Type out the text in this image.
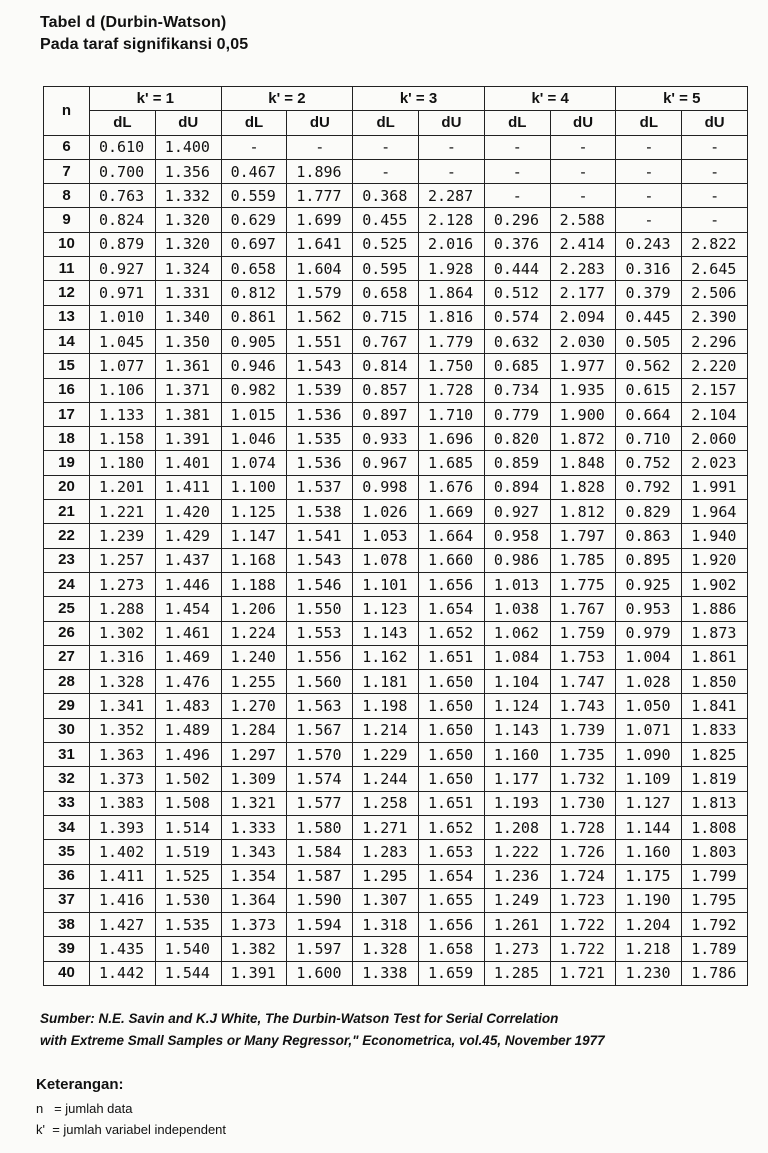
Tabel d (Durbin-Watson)
Pada taraf signifikansi 0,05
n	k' = 1		k' = 2		k' = 3		k' = 4		k' = 5	
	dL	dU	dL	dU	dL	dU	dL	dU	dL	dU
6	0.610	1.400	-	-	-	-	-	-	-	-
7	0.700	1.356	0.467	1.896	-	-	-	-	-	-
8	0.763	1.332	0.559	1.777	0.368	2.287	-	-	-	-
9	0.824	1.320	0.629	1.699	0.455	2.128	0.296	2.588	-	-
10	0.879	1.320	0.697	1.641	0.525	2.016	0.376	2.414	0.243	2.822
11	0.927	1.324	0.658	1.604	0.595	1.928	0.444	2.283	0.316	2.645
12	0.971	1.331	0.812	1.579	0.658	1.864	0.512	2.177	0.379	2.506
13	1.010	1.340	0.861	1.562	0.715	1.816	0.574	2.094	0.445	2.390
14	1.045	1.350	0.905	1.551	0.767	1.779	0.632	2.030	0.505	2.296
15	1.077	1.361	0.946	1.543	0.814	1.750	0.685	1.977	0.562	2.220
16	1.106	1.371	0.982	1.539	0.857	1.728	0.734	1.935	0.615	2.157
17	1.133	1.381	1.015	1.536	0.897	1.710	0.779	1.900	0.664	2.104
18	1.158	1.391	1.046	1.535	0.933	1.696	0.820	1.872	0.710	2.060
19	1.180	1.401	1.074	1.536	0.967	1.685	0.859	1.848	0.752	2.023
20	1.201	1.411	1.100	1.537	0.998	1.676	0.894	1.828	0.792	1.991
21	1.221	1.420	1.125	1.538	1.026	1.669	0.927	1.812	0.829	1.964
22	1.239	1.429	1.147	1.541	1.053	1.664	0.958	1.797	0.863	1.940
23	1.257	1.437	1.168	1.543	1.078	1.660	0.986	1.785	0.895	1.920
24	1.273	1.446	1.188	1.546	1.101	1.656	1.013	1.775	0.925	1.902
25	1.288	1.454	1.206	1.550	1.123	1.654	1.038	1.767	0.953	1.886
26	1.302	1.461	1.224	1.553	1.143	1.652	1.062	1.759	0.979	1.873
27	1.316	1.469	1.240	1.556	1.162	1.651	1.084	1.753	1.004	1.861
28	1.328	1.476	1.255	1.560	1.181	1.650	1.104	1.747	1.028	1.850
29	1.341	1.483	1.270	1.563	1.198	1.650	1.124	1.743	1.050	1.841
30	1.352	1.489	1.284	1.567	1.214	1.650	1.143	1.739	1.071	1.833
31	1.363	1.496	1.297	1.570	1.229	1.650	1.160	1.735	1.090	1.825
32	1.373	1.502	1.309	1.574	1.244	1.650	1.177	1.732	1.109	1.819
33	1.383	1.508	1.321	1.577	1.258	1.651	1.193	1.730	1.127	1.813
34	1.393	1.514	1.333	1.580	1.271	1.652	1.208	1.728	1.144	1.808
35	1.402	1.519	1.343	1.584	1.283	1.653	1.222	1.726	1.160	1.803
36	1.411	1.525	1.354	1.587	1.295	1.654	1.236	1.724	1.175	1.799
37	1.416	1.530	1.364	1.590	1.307	1.655	1.249	1.723	1.190	1.795
38	1.427	1.535	1.373	1.594	1.318	1.656	1.261	1.722	1.204	1.792
39	1.435	1.540	1.382	1.597	1.328	1.658	1.273	1.722	1.218	1.789
40	1.442	1.544	1.391	1.600	1.338	1.659	1.285	1.721	1.230	1.786
Sumber: N.E. Savin and K.J White, The Durbin-Watson Test for Serial Correlation
with Extreme Small Samples or Many Regressor," Econometrica, vol.45, November 1977
Keterangan:
n   = jumlah data
k'  = jumlah variabel independent
